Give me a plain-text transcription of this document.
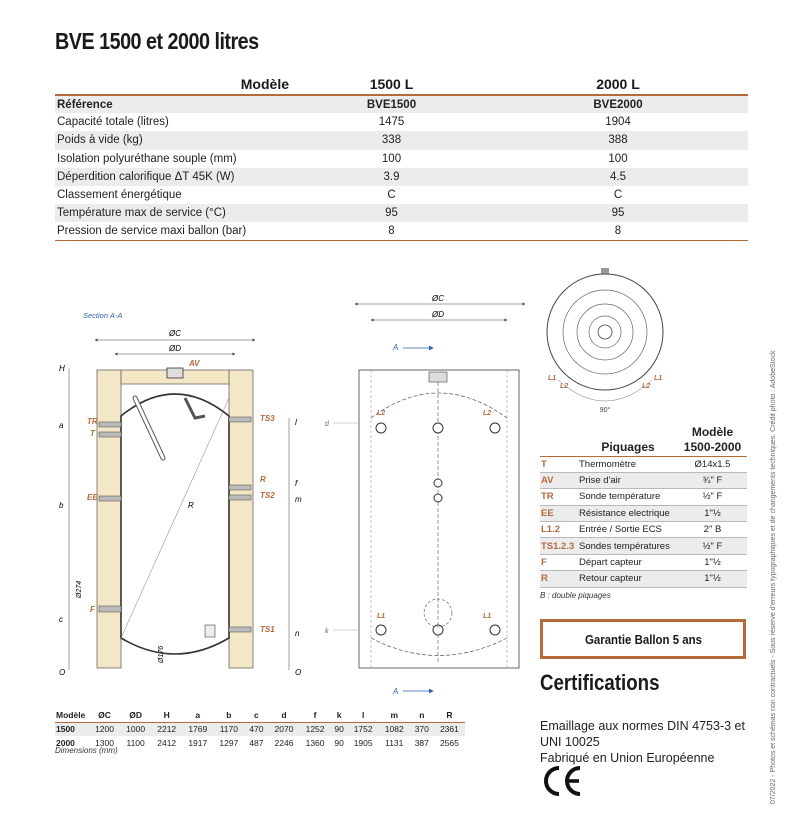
BVE 1500 et 2000 litres
Modèle	1500 L	2000 L
Référence	BVE1500	BVE2000
Capacité totale (litres)	1475	1904
Poids à vide (kg)	338	388
Isolation polyuréthane souple (mm)	100	100
Déperdition calorifique ΔT 45K (W)	3.9	4.5
Classement énergétique	C	C
Température max de service (°C)	95	95
Pression de service maxi ballon (bar)	8	8
Section A-A
ØC
ØD
AV
R
H
a
b
c
O
TR
T
EE
F
Ø274
Ø176
TS3
R
TS2
TS1
l
f
m
n
O
ØC
ØD
A
L2	L2
L1	L1
d
k
A
L1
L2
L1
L2
90°
		Modèle
	Piquages	1500-2000
T	Thermomètre	Ø14x1.5
AV	Prise d'air	¾" F
TR	Sonde température	½" F
EE	Résistance electrique	1"½
L1.2	Entrée / Sortie ECS	2" B
TS1.2.3	Sondes températures	½" F
F	Départ capteur	1"½
R	Retour capteur	1"½
B : double piquages
Modèle	ØC	ØD	H	a	b	c	d	f	k	l	m	n	R
1500	1200	1000	2212	1769	1170	470	2070	1252	90	1752	1082	370	2361
2000	1300	1100	2412	1917	1297	487	2246	1360	90	1905	1131	387	2565
Dimensions (mm)
Garantie Ballon 5 ans
Certifications
Emaillage aux normes DIN 4753-3 et UNI 10025
Fabriqué en Union Européenne	07/2022 - Photos et schémas non contractuels - Sous réserve d'erreurs typographiques et de changements techniques. Crédit photo : AdobeStock
